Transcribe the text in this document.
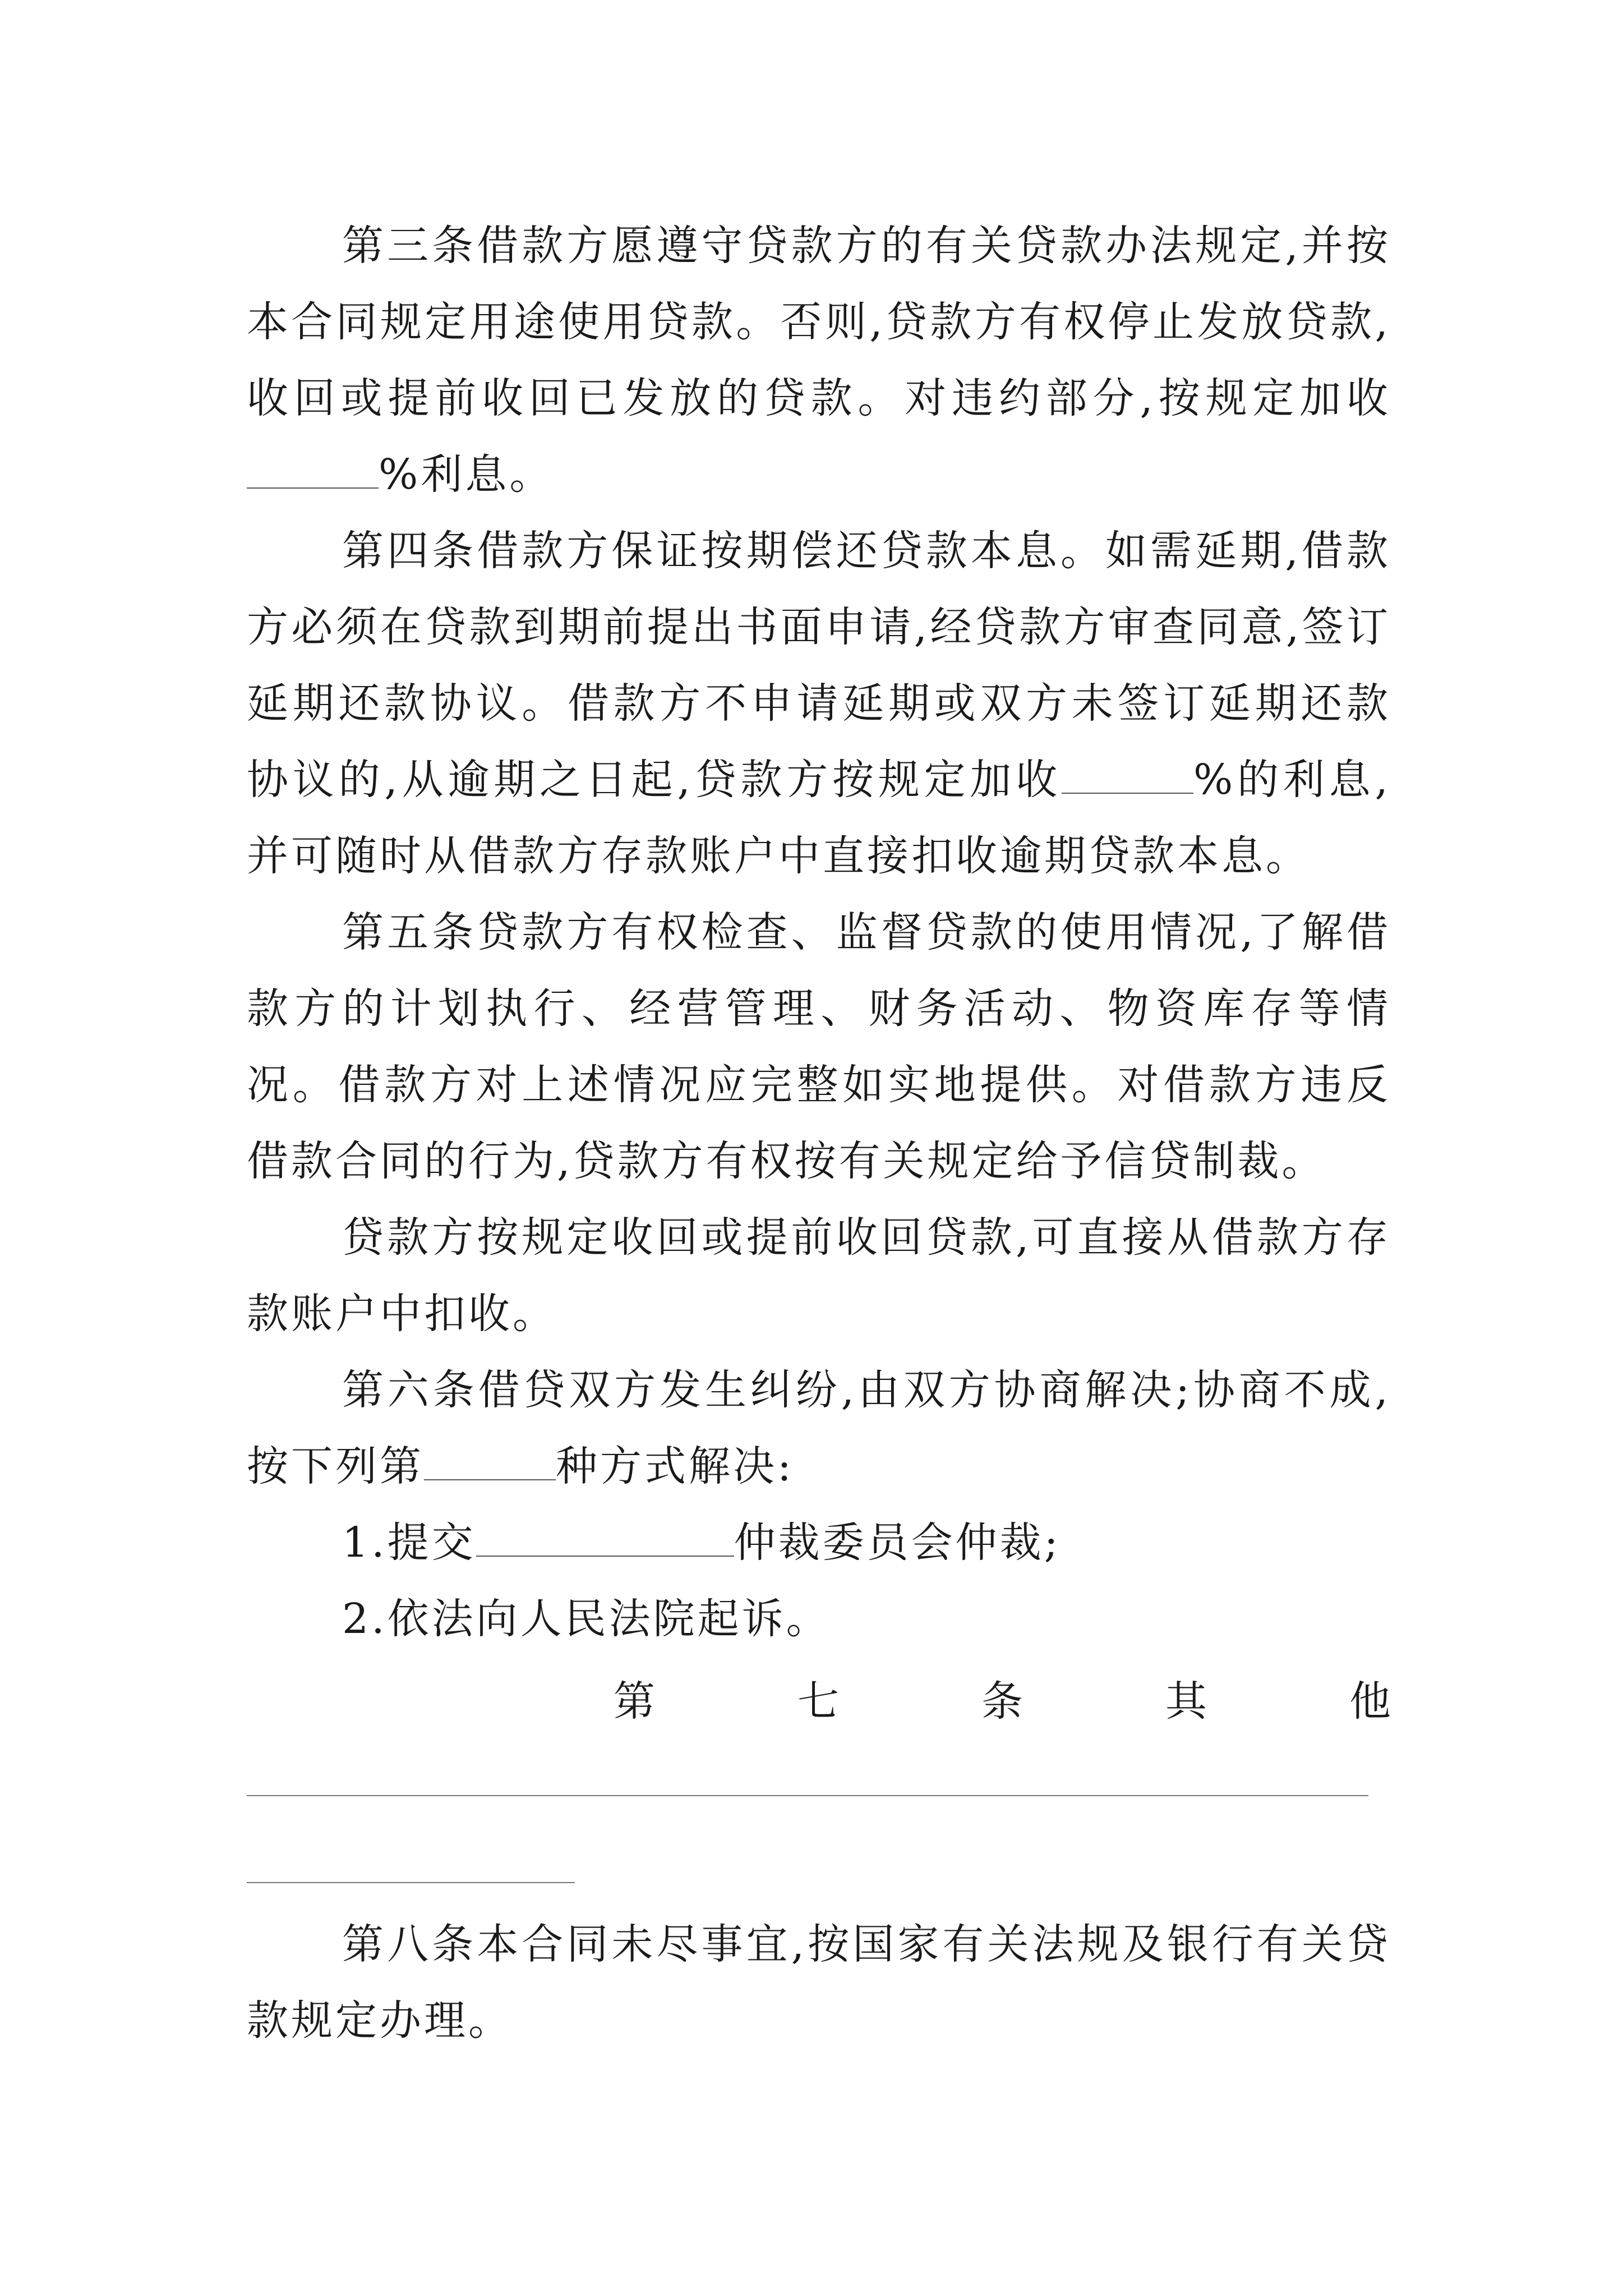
第三条借款方愿遵守贷款方的有关贷款办法规定,并按本合同规定用途使用贷款。否则,贷款方有权停止发放贷款,收回或提前收回已发放的贷款。对违约部分,按规定加收%利息。

第四条借款方保证按期偿还贷款本息。如需延期,借款方必须在贷款到期前提出书面申请,经贷款方审查同意,签订延期还款协议。借款方不申请延期或双方未签订延期还款协议的,从逾期之日起,贷款方按规定加收	%的利息,并可随时从借款方存款账户中直接扣收逾期贷款本息。

第五条贷款方有权检查、监督贷款的使用情况,了解借款方的计划执行、经营管理、财务活动、物资库存等情况。借款方对上述情况应完整如实地提供。对借款方违反借款合同的行为,贷款方有权按有关规定给予信贷制裁。

贷款方按规定收回或提前收回贷款,可直接从借款方存款账户中扣收。

第六条借贷双方发生纠纷,由双方协商解决;协商不成,按下列第	种方式解决:

1.提交	仲裁委员会仲裁;

2.依法向人民法院起诉。

第	七	条	其	他

第八条本合同未尽事宜,按国家有关法规及银行有关贷款规定办理。
